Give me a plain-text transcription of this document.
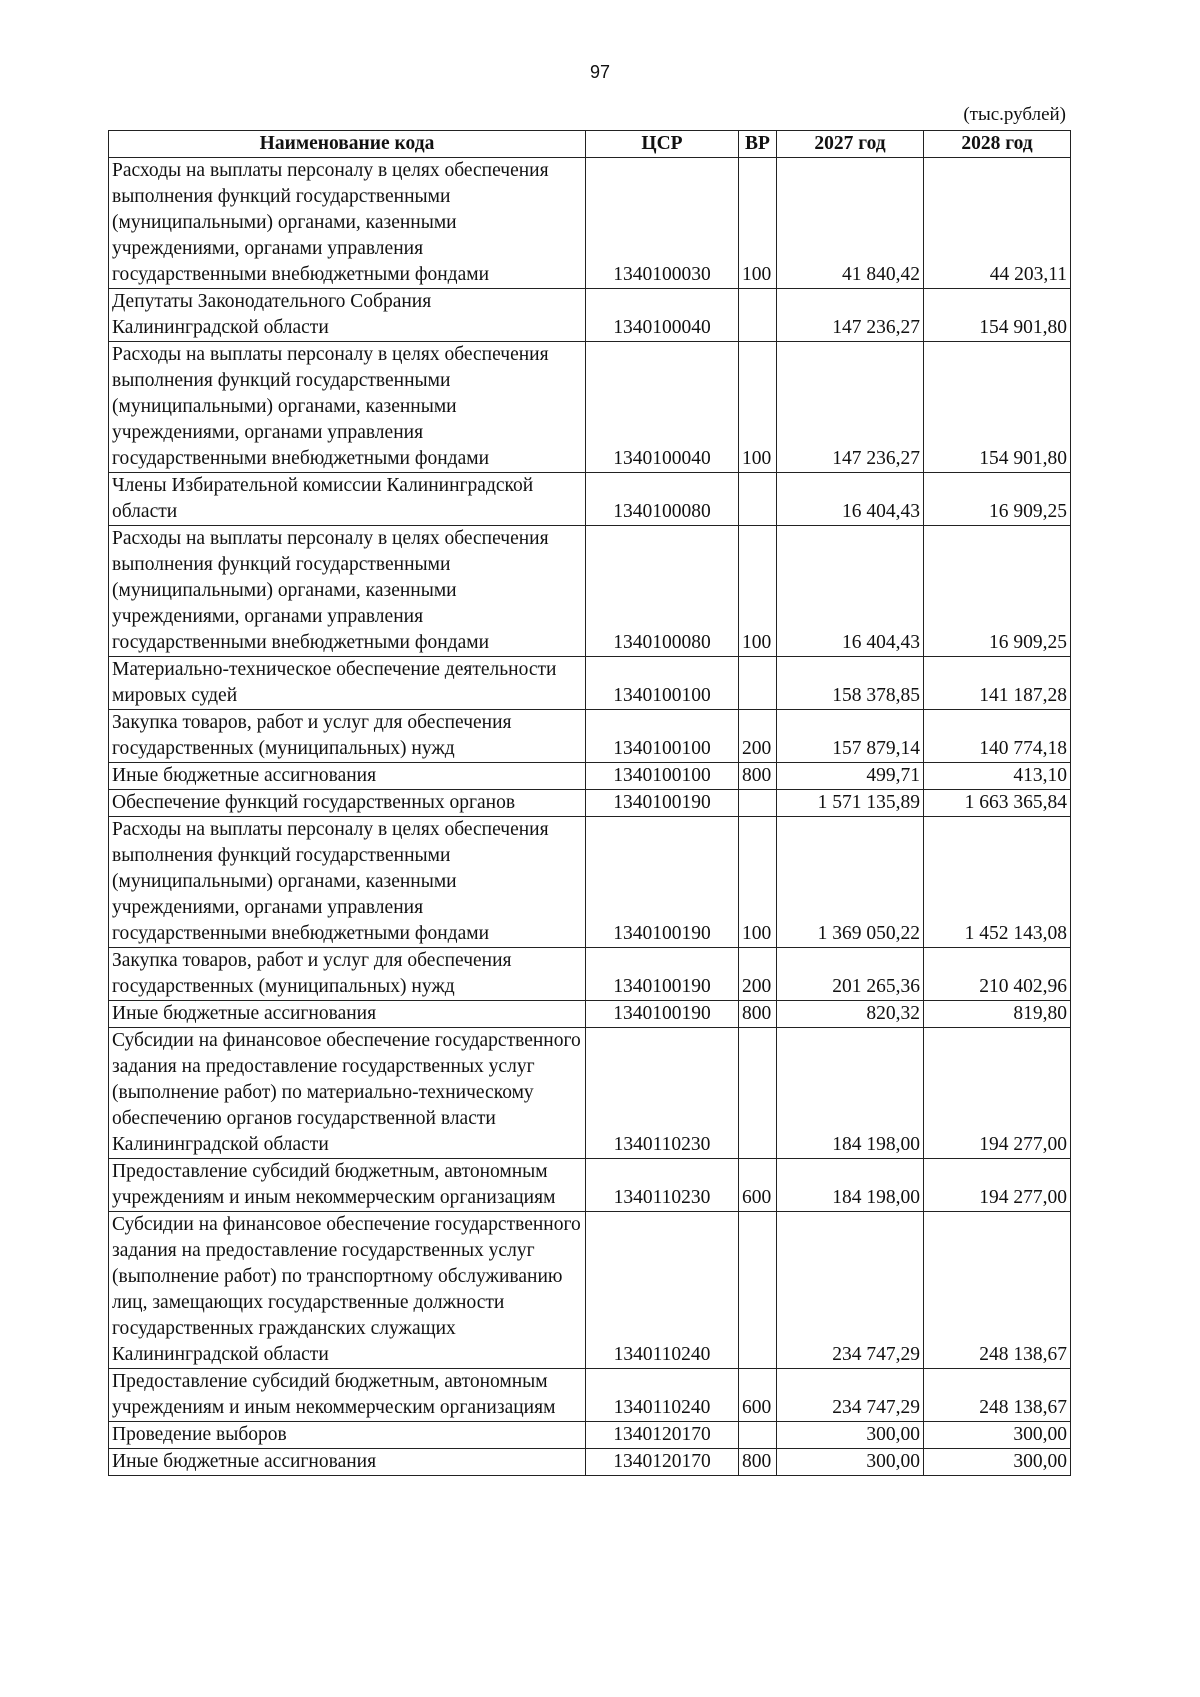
97
(тыс.рублей)
Наименование кода	ЦСР	ВР	2027 год	2028 год
Расходы на выплаты персоналу в целях обеспечения выполнения функций государственными (муниципальными) органами, казенными учреждениями, органами управления государственными внебюджетными фондами	1340100030	100	41 840,42	44 203,11
Депутаты Законодательного Собрания Калининградской области	1340100040		147 236,27	154 901,80
Расходы на выплаты персоналу в целях обеспечения выполнения функций государственными (муниципальными) органами, казенными учреждениями, органами управления государственными внебюджетными фондами	1340100040	100	147 236,27	154 901,80
Члены Избирательной комиссии Калининградской области	1340100080		16 404,43	16 909,25
Расходы на выплаты персоналу в целях обеспечения выполнения функций государственными (муниципальными) органами, казенными учреждениями, органами управления государственными внебюджетными фондами	1340100080	100	16 404,43	16 909,25
Материально-техническое обеспечение деятельности мировых судей	1340100100		158 378,85	141 187,28
Закупка товаров, работ и услуг для обеспечения государственных (муниципальных) нужд	1340100100	200	157 879,14	140 774,18
Иные бюджетные ассигнования	1340100100	800	499,71	413,10
Обеспечение функций государственных органов	1340100190		1 571 135,89	1 663 365,84
Расходы на выплаты персоналу в целях обеспечения выполнения функций государственными (муниципальными) органами, казенными учреждениями, органами управления государственными внебюджетными фондами	1340100190	100	1 369 050,22	1 452 143,08
Закупка товаров, работ и услуг для обеспечения государственных (муниципальных) нужд	1340100190	200	201 265,36	210 402,96
Иные бюджетные ассигнования	1340100190	800	820,32	819,80
Субсидии на финансовое обеспечение государственного задания на предоставление государственных услуг (выполнение работ) по материально-техническому обеспечению органов государственной власти Калининградской области	1340110230		184 198,00	194 277,00
Предоставление субсидий бюджетным, автономным учреждениям и иным некоммерческим организациям	1340110230	600	184 198,00	194 277,00
Субсидии на финансовое обеспечение государственного задания на предоставление государственных услуг (выполнение работ) по транспортному обслуживанию лиц, замещающих государственные должности государственных гражданских служащих Калининградской области	1340110240		234 747,29	248 138,67
Предоставление субсидий бюджетным, автономным учреждениям и иным некоммерческим организациям	1340110240	600	234 747,29	248 138,67
Проведение выборов	1340120170		300,00	300,00
Иные бюджетные ассигнования	1340120170	800	300,00	300,00
